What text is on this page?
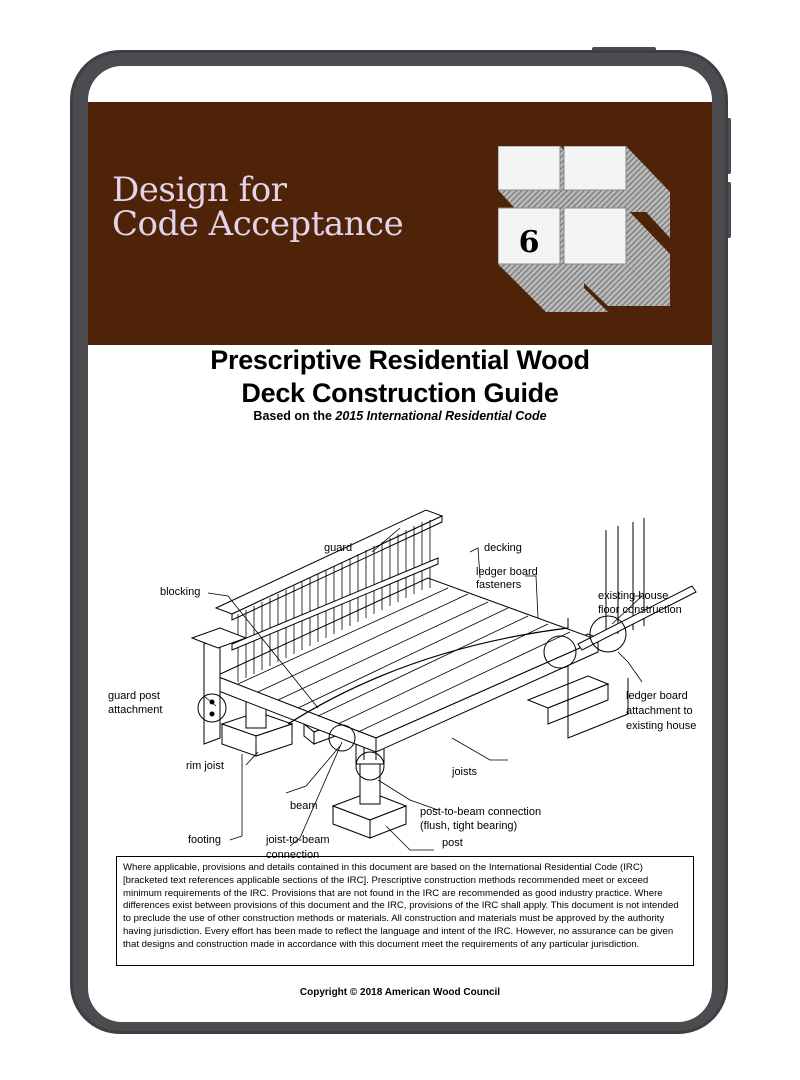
Design for
Code Acceptance	6
Prescriptive Residential Wood
Deck Construction Guide
Based on the 2015 International Residential Code
guard	decking
ledger board
fasteners
blocking	existing house
floor construction
guard post
attachment
ledger board
attachment to
existing house
rim joist	joists
beam	post-to-beam connection
(flush, tight bearing)
footing	joist-to-beam
connection
post
Where applicable, provisions and details contained in this document are based on the International Residential Code (IRC) [bracketed text references applicable sections of the IRC]. Prescriptive construction methods recommended meet or exceed minimum requirements of the IRC. Provisions that are not found in the IRC are recommended as good industry practice. Where differences exist between provisions of this document and the IRC, provisions of the IRC shall apply. This document is not intended to preclude the use of other construction methods or materials. All construction and materials must be approved by the authority having jurisdiction. Every effort has been made to reflect the language and intent of the IRC. However, no assurance can be given that designs and construction made in accordance with this document meet the requirements of any particular jurisdiction.
Copyright © 2018 American Wood Council
